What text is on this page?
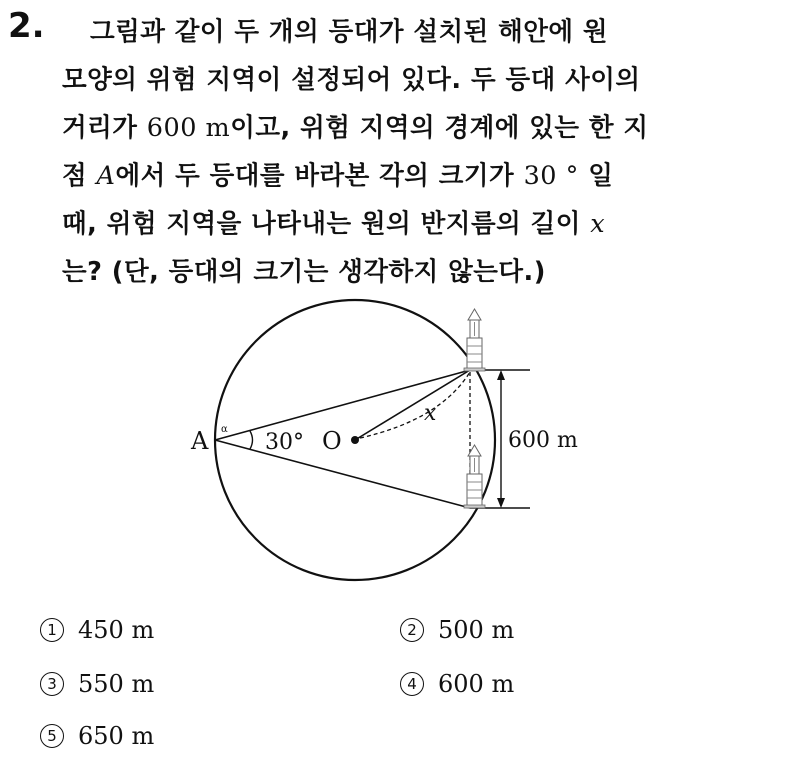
2.	그림과 같이 두 개의 등대가 설치된 해안에 원
모양의 위험 지역이 설정되어 있다. 두 등대 사이의
거리가 600 m이고, 위험 지역의 경계에 있는 한 지
점 A에서 두 등대를 바라본 각의 크기가 30 ° 일
때, 위험 지역을 나타내는 원의 반지름의 길이 x
는? (단, 등대의 크기는 생각하지 않는다.)
α
A	30° O
x
600 m
1 450 m	2 500 m
3 550 m	4 600 m
5 650 m
